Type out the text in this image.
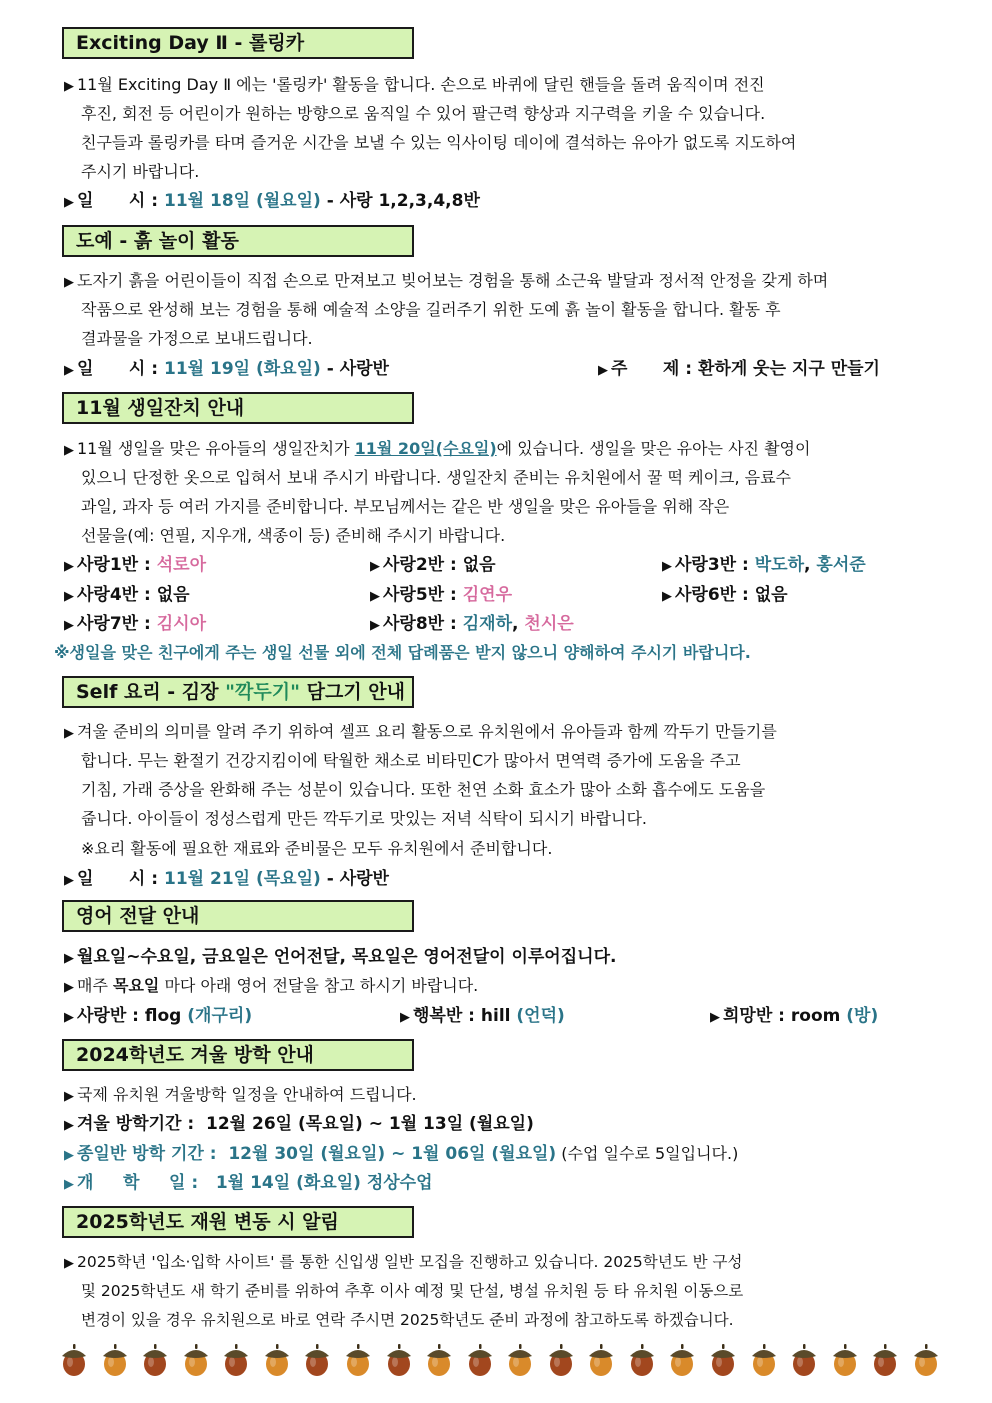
Exciting Day Ⅱ - 롤링카
▶ 11월 Exciting Day Ⅱ 에는 '롤링카' 활동을 합니다. 손으로 바퀴에 달린 핸들을 돌려 움직이며 전진
후진, 회전 등 어린이가 원하는 방향으로 움직일 수 있어 팔근력 향상과 지구력을 키울 수 있습니다.
친구들과 롤링카를 타며 즐거운 시간을 보낼 수 있는 익사이팅 데이에 결석하는 유아가 없도록 지도하여
주시기 바랍니다.
▶ 일      시 : 11월 18일 (월요일) - 사랑 1,2,3,4,8반
도예 - 흙 놀이 활동
▶ 도자기 흙을 어린이들이 직접 손으로 만져보고 빚어보는 경험을 통해 소근육 발달과 정서적 안정을 갖게 하며
작품으로 완성해 보는 경험을 통해 예술적 소양을 길러주기 위한 도예 흙 놀이 활동을 합니다. 활동 후
결과물을 가정으로 보내드립니다.
▶ 일      시 : 11월 19일 (화요일) - 사랑반	▶ 주      제 : 환하게 웃는 지구 만들기
11월 생일잔치 안내
▶ 11월 생일을 맞은 유아들의 생일잔치가 11월 20일(수요일)에 있습니다. 생일을 맞은 유아는 사진 촬영이
있으니 단정한 옷으로 입혀서 보내 주시기 바랍니다. 생일잔치 준비는 유치원에서 꿀 떡 케이크, 음료수
과일, 과자 등 여러 가지를 준비합니다. 부모님께서는 같은 반 생일을 맞은 유아들을 위해 작은
선물을(예: 연필, 지우개, 색종이 등) 준비해 주시기 바랍니다.
▶ 사랑1반 : 석로아	▶ 사랑2반 : 없음	▶ 사랑3반 : 박도하, 홍서준
▶ 사랑4반 : 없음	▶ 사랑5반 : 김연우	▶ 사랑6반 : 없음
▶ 사랑7반 : 김시아	▶ 사랑8반 : 김재하, 천시은
※생일을 맞은 친구에게 주는 생일 선물 외에 전체 답례품은 받지 않으니 양해하여 주시기 바랍니다.
Self 요리 - 김장 "깍두기" 담그기 안내
▶ 겨울 준비의 의미를 알려 주기 위하여 셀프 요리 활동으로 유치원에서 유아들과 함께 깍두기 만들기를
합니다. 무는 환절기 건강지킴이에 탁월한 채소로 비타민C가 많아서 면역력 증가에 도움을 주고
기침, 가래 증상을 완화해 주는 성분이 있습니다. 또한 천연 소화 효소가 많아 소화 흡수에도 도움을
줍니다. 아이들이 정성스럽게 만든 깍두기로 맛있는 저녁 식탁이 되시기 바랍니다.
※요리 활동에 필요한 재료와 준비물은 모두 유치원에서 준비합니다.
▶ 일      시 : 11월 21일 (목요일) - 사랑반
영어 전달 안내
▶ 월요일~수요일, 금요일은 언어전달, 목요일은 영어전달이 이루어집니다.
▶ 매주 목요일 마다 아래 영어 전달을 참고 하시기 바랍니다.
▶ 사랑반 : flog (개구리)	▶ 행복반 : hill (언덕)	▶ 희망반 : room (방)
2024학년도 겨울 방학 안내
▶ 국제 유치원 겨울방학 일정을 안내하여 드립니다.
▶ 겨울 방학기간 :  12월 26일 (목요일) ~ 1월 13일 (월요일)
▶ 종일반 방학 기간 :  12월 30일 (월요일) ~ 1월 06일 (월요일) (수업 일수로 5일입니다.)
▶ 개     학     일 :   1월 14일 (화요일) 정상수업
2025학년도 재원 변동 시 알림
▶ 2025학년 '입소·입학 사이트' 를 통한 신입생 일반 모집을 진행하고 있습니다. 2025학년도 반 구성
및 2025학년도 새 학기 준비를 위하여 추후 이사 예정 및 단설, 병설 유치원 등 타 유치원 이동으로
변경이 있을 경우 유치원으로 바로 연락 주시면 2025학년도 준비 과정에 참고하도록 하겠습니다.
